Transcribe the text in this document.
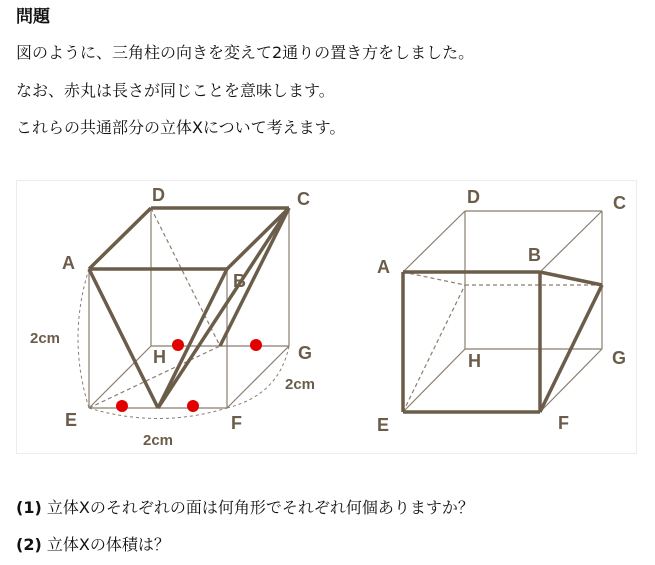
問題
図のように、三角柱の向きを変えて2通りの置き方をしました。
なお、赤丸は長さが同じことを意味します。
これらの共通部分の立体Xについて考えます。
A
B
C
D
E	F
G
H
2cm
2cm
2cm
A
B
C
D
E	F
G
H
(1) 立体Xのそれぞれの面は何角形でそれぞれ何個ありますか？
(2) 立体Xの体積は？
